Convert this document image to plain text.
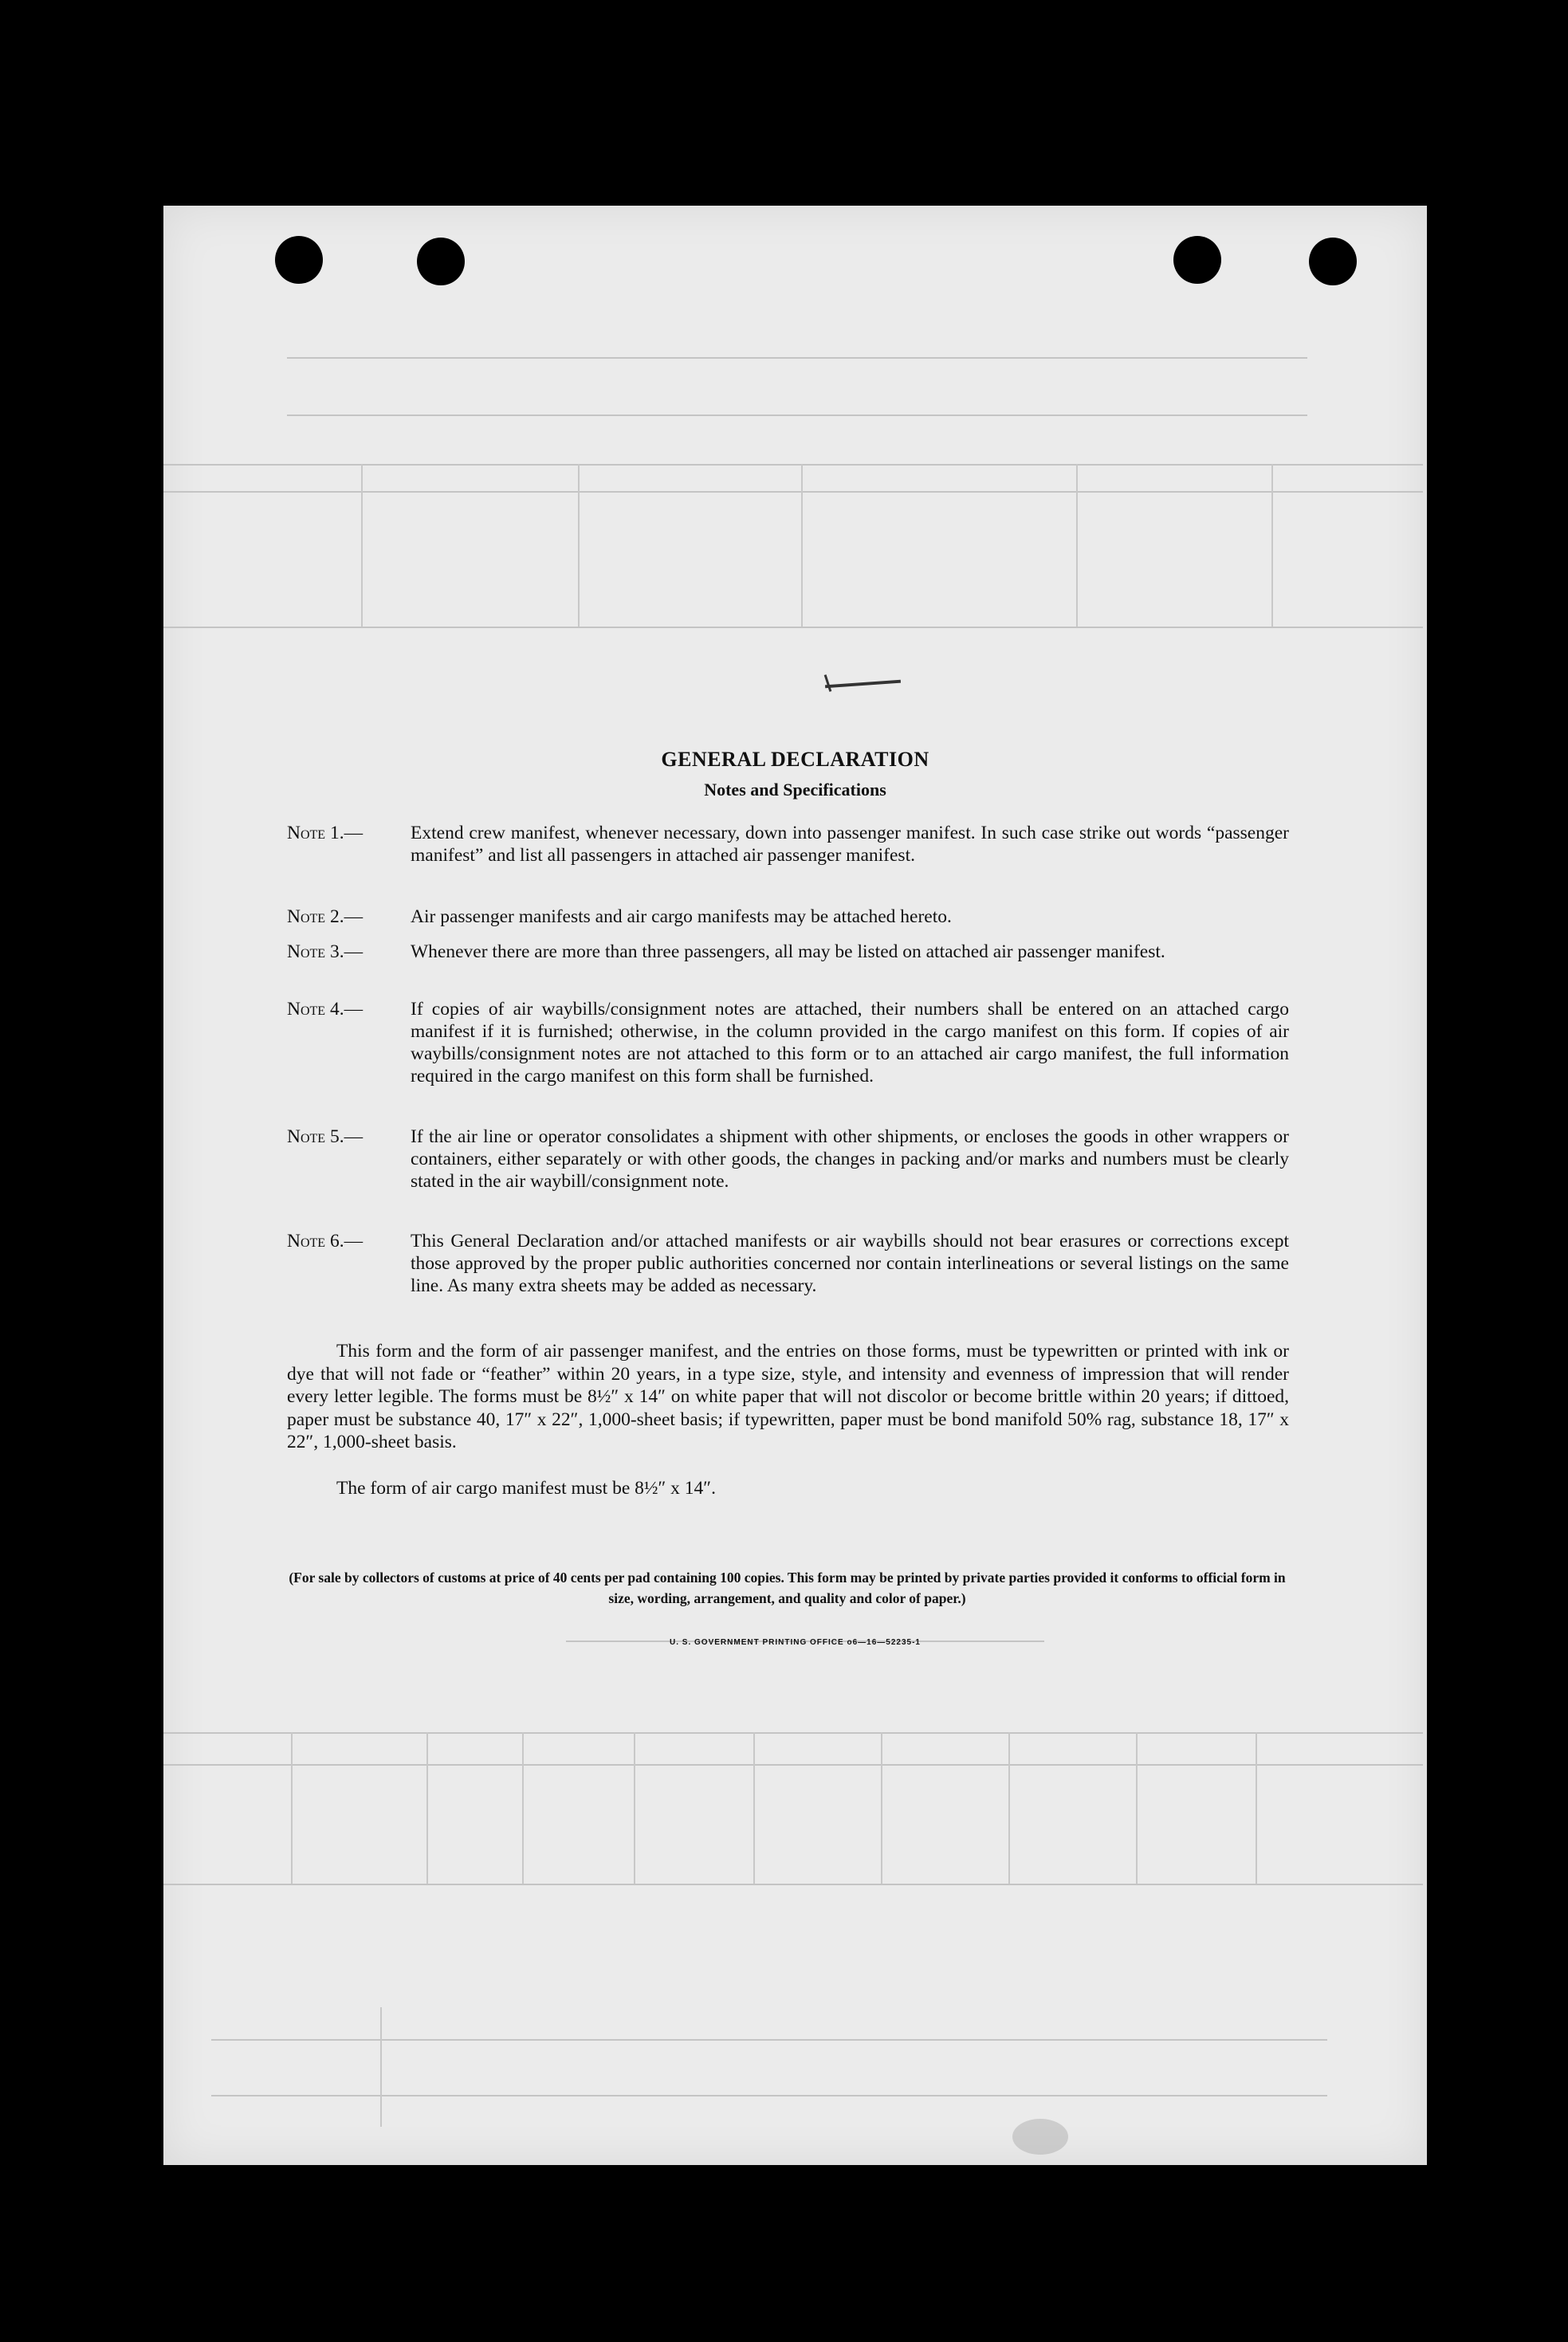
GENERAL DECLARATION
Notes and Specifications
Note 1.—	Extend crew manifest, whenever necessary, down into passenger manifest. In such case strike out words “passenger manifest” and list all passengers in attached air passenger manifest.
Note 2.—	Air passenger manifests and air cargo manifests may be attached hereto.
Note 3.—	Whenever there are more than three passengers, all may be listed on attached air passenger manifest.
Note 4.—	If copies of air waybills/consignment notes are attached, their numbers shall be entered on an attached cargo manifest if it is furnished; otherwise, in the column provided in the cargo manifest on this form. If copies of air waybills/consignment notes are not attached to this form or to an attached air cargo manifest, the full information required in the cargo manifest on this form shall be furnished.
Note 5.—	If the air line or operator consolidates a shipment with other shipments, or encloses the goods in other wrappers or containers, either separately or with other goods, the changes in packing and/or marks and numbers must be clearly stated in the air waybill/consignment note.
Note 6.—	This General Declaration and/or attached manifests or air waybills should not bear erasures or corrections except those approved by the proper public authorities concerned nor contain interlineations or several listings on the same line. As many extra sheets may be added as necessary.
This form and the form of air passenger manifest, and the entries on those forms, must be typewritten or printed with ink or dye that will not fade or “feather” within 20 years, in a type size, style, and intensity and evenness of impression that will render every letter legible. The forms must be 8½″ x 14″ on white paper that will not discolor or become brittle within 20 years; if dittoed, paper must be substance 40, 17″ x 22″, 1,000-sheet basis; if typewritten, paper must be bond manifold 50% rag, substance 18, 17″ x 22″, 1,000-sheet basis.
The form of air cargo manifest must be 8½″ x 14″.
(For sale by collectors of customs at price of 40 cents per pad containing 100 copies. This form may be printed by private parties provided it conforms to official form in size, wording, arrangement, and quality and color of paper.)
U. S. GOVERNMENT PRINTING OFFICE o6—16—52235-1
